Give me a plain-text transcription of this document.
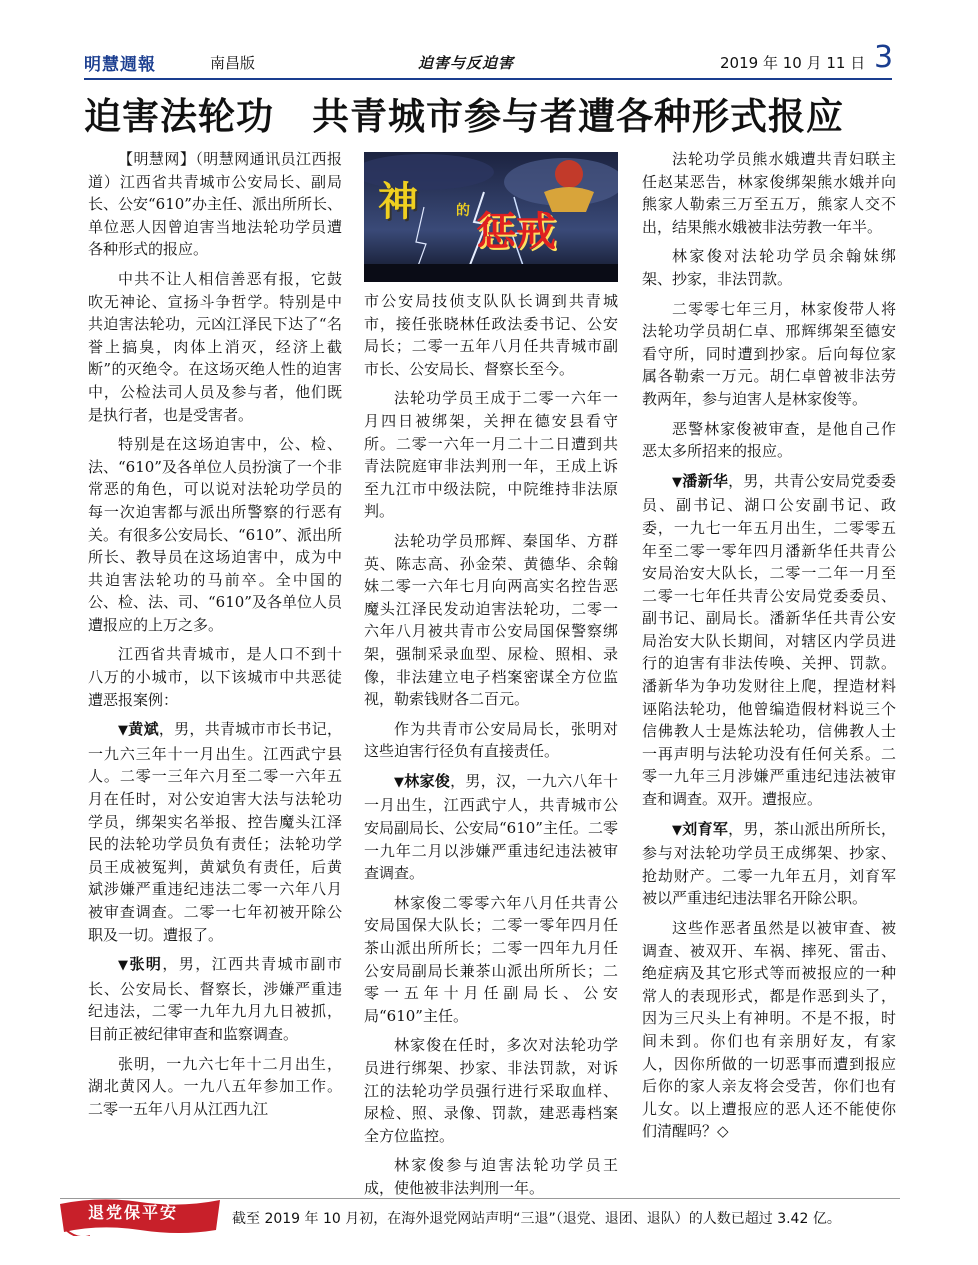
明慧週報	南昌版	迫害与反迫害	2019 年 10 月 11 日 3
迫害法轮功　共青城市参与者遭各种形式报应
神	的 惩戒

【明慧网】（明慧网通讯员江西报道）江西省共青城市公安局长、副局长、公安“610”办主任、派出所所长、单位恶人因曾迫害当地法轮功学员遭各种形式的报应。

中共不让人相信善恶有报，它鼓吹无神论、宣扬斗争哲学。特别是中共迫害法轮功，元凶江泽民下达了“名誉上搞臭，肉体上消灭，经济上截断”的灭绝令。在这场灭绝人性的迫害中，公检法司人员及参与者，他们既是执行者，也是受害者。

特别是在这场迫害中，公、检、法、“610”及各单位人员扮演了一个非常恶的角色，可以说对法轮功学员的每一次迫害都与派出所警察的行恶有关。有很多公安局长、“610”、派出所所长、教导员在这场迫害中，成为中共迫害法轮功的马前卒。全中国的公、检、法、司、“610”及各单位人员遭报应的上万之多。

江西省共青城市，是人口不到十八万的小城市，以下该城市中共恶徒遭恶报案例：

▼黄斌，男，共青城市市长书记，一九六三年十一月出生。江西武宁县人。二零一三年六月至二零一六年五月在任时，对公安迫害大法与法轮功学员，绑架实名举报、控告魔头江泽民的法轮功学员负有责任；法轮功学员王成被冤判，黄斌负有责任，后黄斌涉嫌严重违纪违法二零一六年八月被审查调查。二零一七年初被开除公职及一切。遭报了。

▼张明，男，江西共青城市副市长、公安局长、督察长，涉嫌严重违纪违法，二零一九年九月九日被抓，目前正被纪律审查和监察调查。

张明，一九六七年十二月出生，湖北黄冈人。一九八五年参加工作。二零一五年八月从江西九江

市公安局技侦支队队长调到共青城市，接任张晓林任政法委书记、公安局长；二零一五年八月任共青城市副市长、公安局长、督察长至今。

法轮功学员王成于二零一六年一月四日被绑架，关押在德安县看守所。二零一六年一月二十二日遭到共青法院庭审非法判刑一年，王成上诉至九江市中级法院，中院维持非法原判。

法轮功学员邢辉、秦国华、方群英、陈志高、孙金荣、黄德华、余翰妹二零一六年七月向两高实名控告恶魔头江泽民发动迫害法轮功，二零一六年八月被共青市公安局国保警察绑架，强制采录血型、尿检、照相、录像，非法建立电子档案密谋全方位监视，勒索钱财各二百元。

作为共青市公安局局长，张明对这些迫害行径负有直接责任。

▼林家俊，男，汉，一九六八年十一月出生，江西武宁人，共青城市公安局副局长、公安局“610”主任。二零一九年二月以涉嫌严重违纪违法被审查调查。

林家俊二零零六年八月任共青公安局国保大队长；二零一零年四月任茶山派出所所长；二零一四年九月任公安局副局长兼茶山派出所所长；二零一五年十月任副局长、公安局“610”主任。

林家俊在任时，多次对法轮功学员进行绑架、抄家、非法罚款，对诉江的法轮功学员强行进行采取血样、尿检、照、录像、罚款，建恶毒档案全方位监控。

林家俊参与迫害法轮功学员王成，使他被非法判刑一年。

法轮功学员熊水娥遭共青妇联主任赵某恶告，林家俊绑架熊水娥并向熊家人勒索三万至五万，熊家人交不出，结果熊水娥被非法劳教一年半。

林家俊对法轮功学员余翰妹绑架、抄家，非法罚款。

二零零七年三月，林家俊带人将法轮功学员胡仁卓、邢辉绑架至德安看守所，同时遭到抄家。后向每位家属各勒索一万元。胡仁卓曾被非法劳教两年，参与迫害人是林家俊等。

恶警林家俊被审查，是他自己作恶太多所招来的报应。

▼潘新华，男，共青公安局党委委员、副书记、湖口公安副书记、政委，一九七一年五月出生，二零零五年至二零一零年四月潘新华任共青公安局治安大队长，二零一二年一月至二零一七年任共青公安局党委委员、副书记、副局长。潘新华任共青公安局治安大队长期间，对辖区内学员进行的迫害有非法传唤、关押、罚款。潘新华为争功发财往上爬，捏造材料诬陷法轮功，他曾编造假材料说三个信佛教人士是炼法轮功，信佛教人士一再声明与法轮功没有任何关系。二零一九年三月涉嫌严重违纪违法被审查和调查。双开。遭报应。

▼刘育军，男，茶山派出所所长，参与对法轮功学员王成绑架、抄家、抢劫财产。二零一九年五月，刘育军被以严重违纪违法罪名开除公职。

这些作恶者虽然是以被审查、被调查、被双开、车祸、摔死、雷击、绝症病及其它形式等而被报应的一种常人的表现形式，都是作恶到头了，因为三尺头上有神明。不是不报，时间未到。你们也有亲朋好友，有家人，因你所做的一切恶事而遭到报应后你的家人亲友将会受苦，你们也有儿女。以上遭报应的恶人还不能使你们清醒吗？◇

退党保平安	截至 2019 年 10 月初，在海外退党网站声明“三退”（退党、退团、退队）的人数已超过 3.42 亿。
